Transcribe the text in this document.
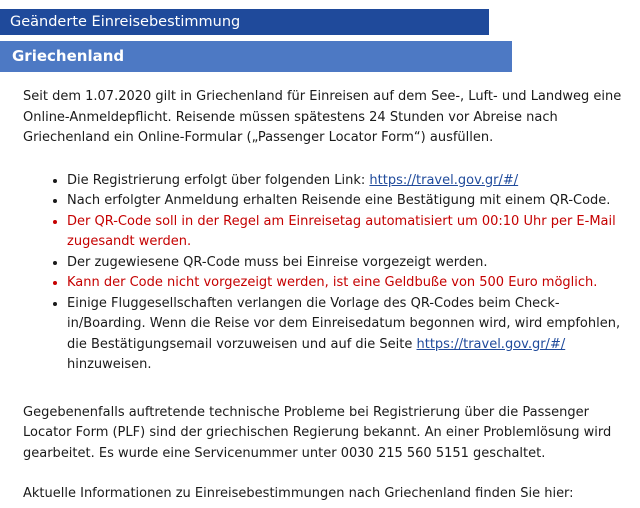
Geänderte Einreisebestimmung
Griechenland

Seit dem 1.07.2020 gilt in Griechenland für Einreisen auf dem See-, Luft- und Landweg eine Online-Anmeldepflicht. Reisende müssen spätestens 24 Stunden vor Abreise nach Griechenland ein Online-Formular („Passenger Locator Form“) ausfüllen.

• Die Registrierung erfolgt über folgenden Link: https://travel.gov.gr/#/
• Nach erfolgter Anmeldung erhalten Reisende eine Bestätigung mit einem QR-Code.
• Der QR-Code soll in der Regel am Einreisetag automatisiert um 00:10 Uhr per E-Mail zugesandt werden.
• Der zugewiesene QR-Code muss bei Einreise vorgezeigt werden.
• Kann der Code nicht vorgezeigt werden, ist eine Geldbuße von 500 Euro möglich.
• Einige Fluggesellschaften verlangen die Vorlage des QR-Codes beim Check-in/Boarding. Wenn die Reise vor dem Einreisedatum begonnen wird, wird empfohlen, die Bestätigungsemail vorzuweisen und auf die Seite https://travel.gov.gr/#/ hinzuweisen.

Gegebenenfalls auftretende technische Probleme bei Registrierung über die Passenger Locator Form (PLF) sind der griechischen Regierung bekannt. An einer Problemlösung wird gearbeitet. Es wurde eine Servicenummer unter 0030 215 560 5151 geschaltet.

Aktuelle Informationen zu Einreisebestimmungen nach Griechenland finden Sie hier:
